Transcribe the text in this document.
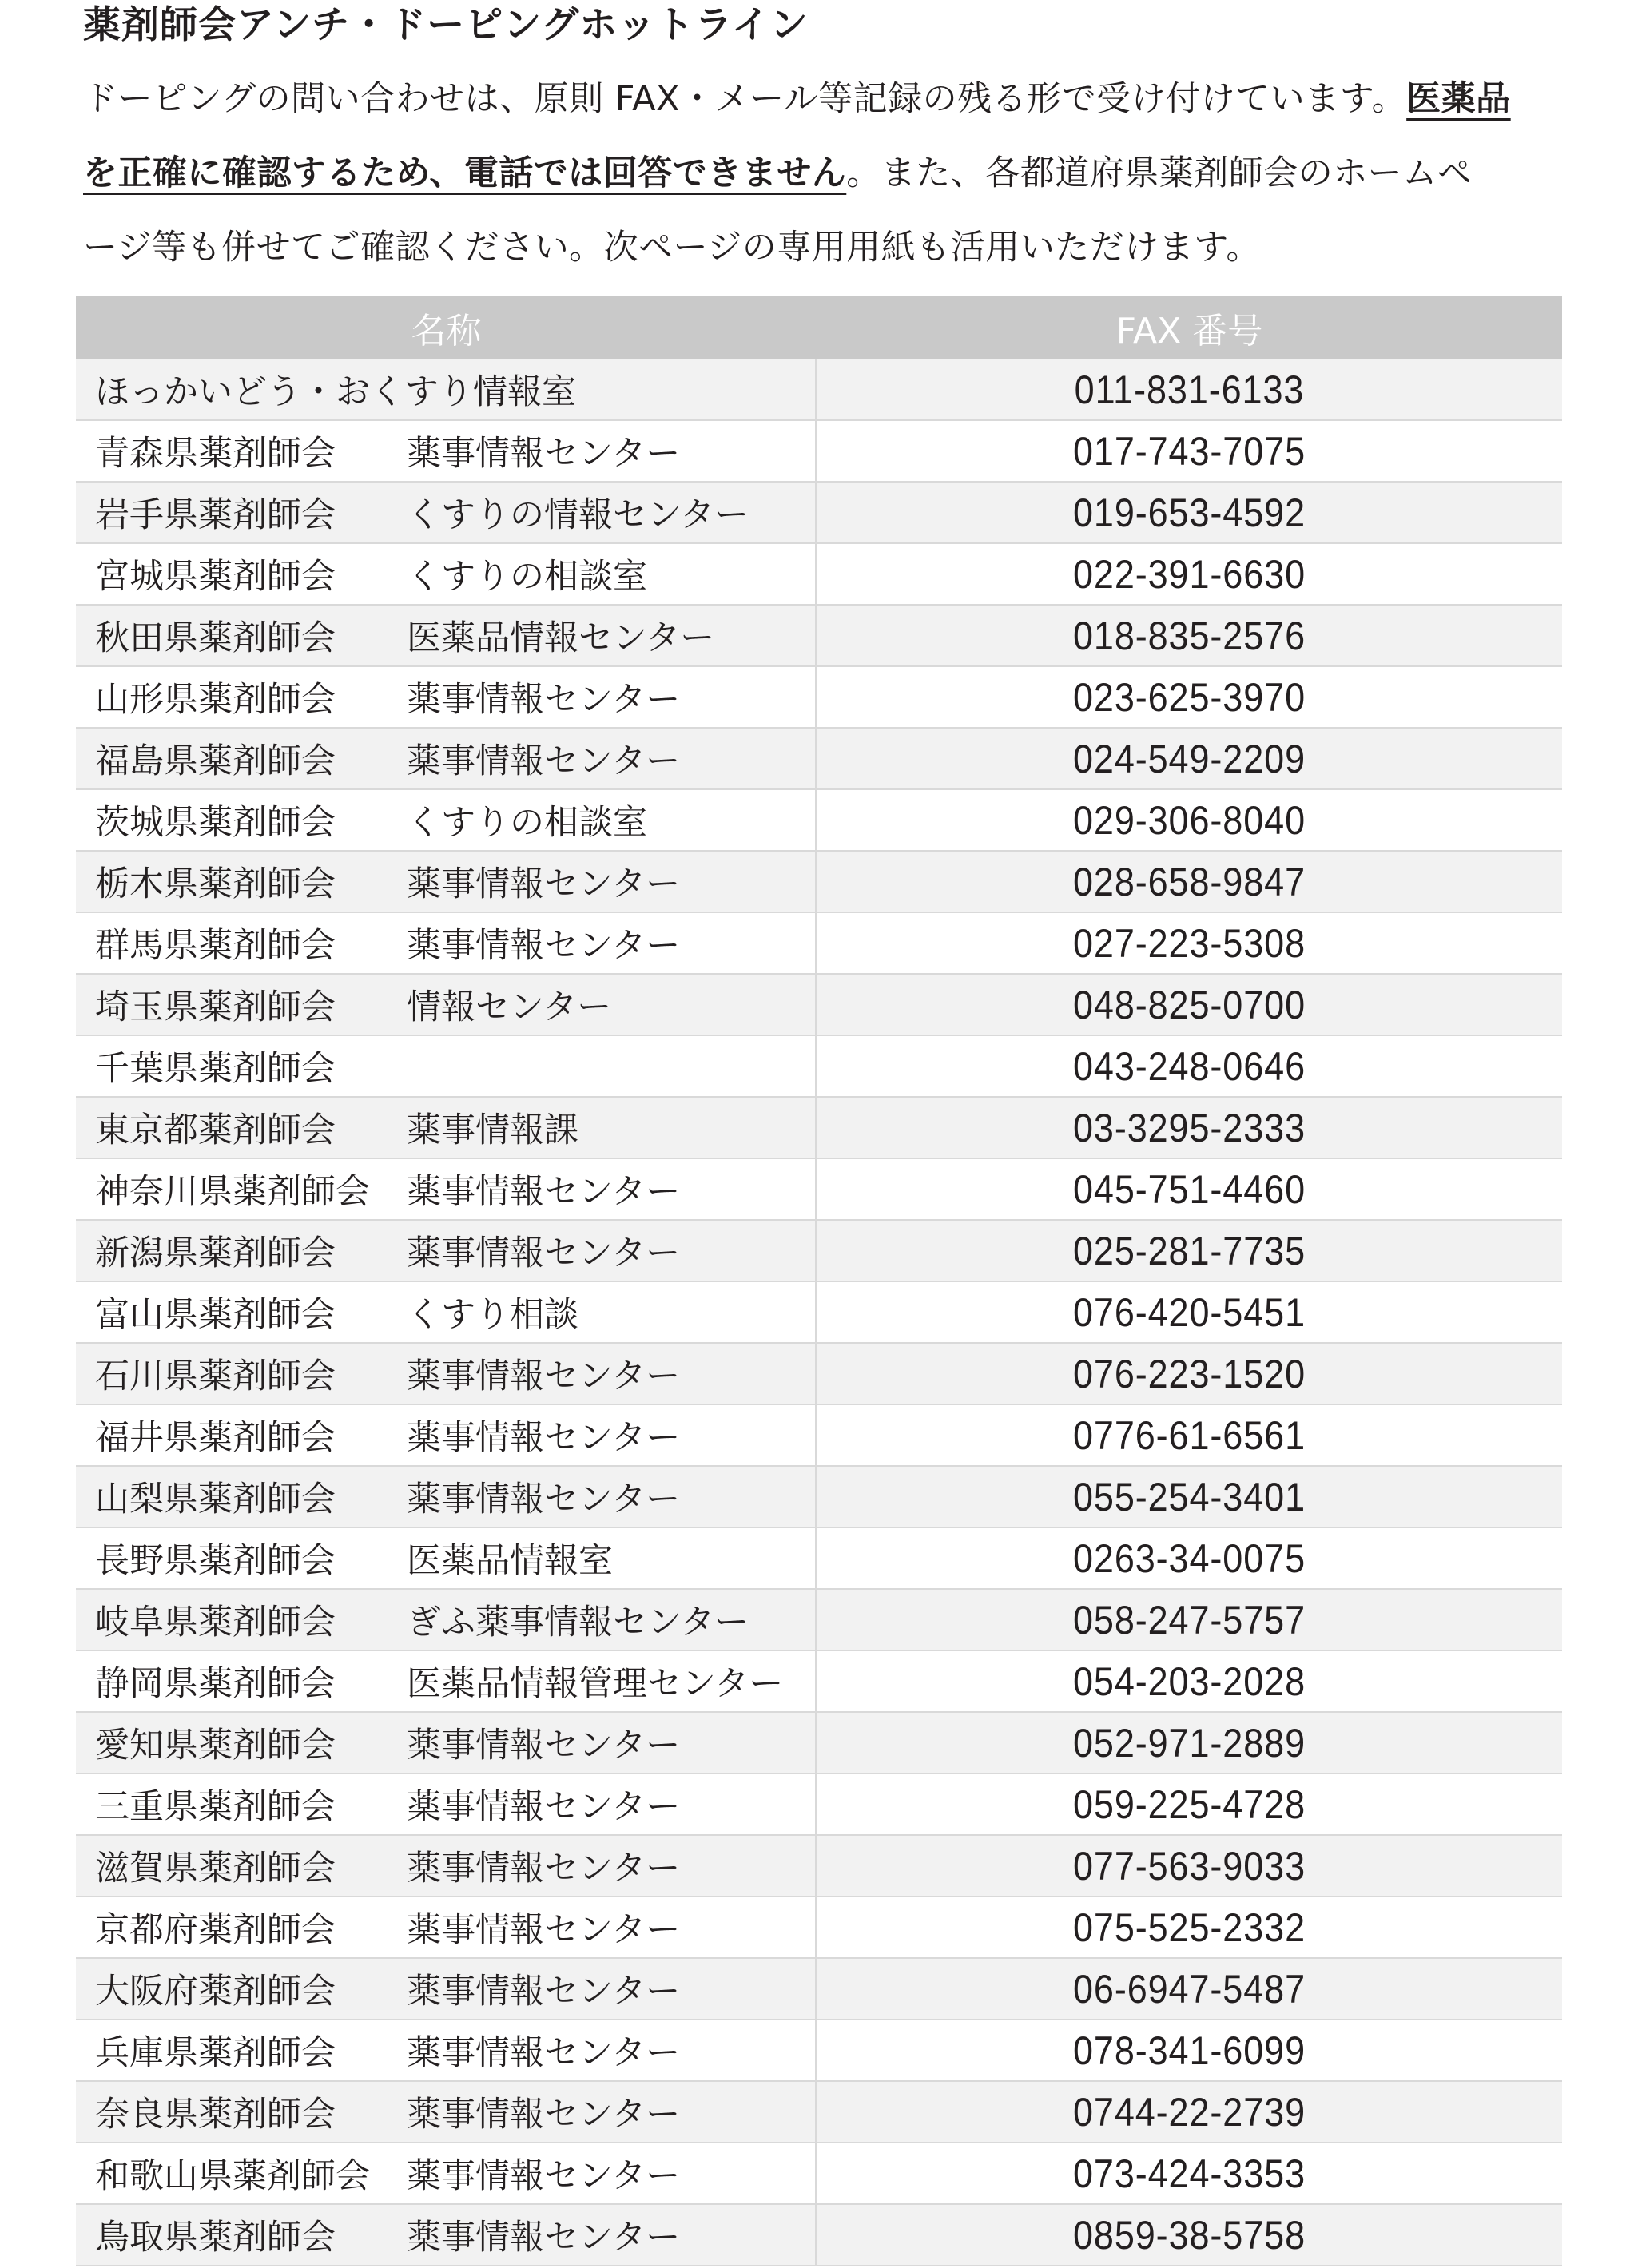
薬剤師会アンチ・ドーピングホットライン
ドーピングの問い合わせは、原則 FAX・メール等記録の残る形で受け付けています。医薬品
を正確に確認するため、電話では回答できません。また、各都道府県薬剤師会のホームペ
ージ等も併せてご確認ください。次ページの専用用紙も活用いただけます。
名称	FAX 番号
ほっかいどう・おくすり情報室	011-831-6133
青森県薬剤師会	薬事情報センター	017-743-7075
岩手県薬剤師会	くすりの情報センター	019-653-4592
宮城県薬剤師会	くすりの相談室	022-391-6630
秋田県薬剤師会	医薬品情報センター	018-835-2576
山形県薬剤師会	薬事情報センター	023-625-3970
福島県薬剤師会	薬事情報センター	024-549-2209
茨城県薬剤師会	くすりの相談室	029-306-8040
栃木県薬剤師会	薬事情報センター	028-658-9847
群馬県薬剤師会	薬事情報センター	027-223-5308
埼玉県薬剤師会	情報センター	048-825-0700
千葉県薬剤師会	043-248-0646
東京都薬剤師会	薬事情報課	03-3295-2333
神奈川県薬剤師会	薬事情報センター	045-751-4460
新潟県薬剤師会	薬事情報センター	025-281-7735
富山県薬剤師会	くすり相談	076-420-5451
石川県薬剤師会	薬事情報センター	076-223-1520
福井県薬剤師会	薬事情報センター	0776-61-6561
山梨県薬剤師会	薬事情報センター	055-254-3401
長野県薬剤師会	医薬品情報室	0263-34-0075
岐阜県薬剤師会	ぎふ薬事情報センター	058-247-5757
静岡県薬剤師会	医薬品情報管理センター	054-203-2028
愛知県薬剤師会	薬事情報センター	052-971-2889
三重県薬剤師会	薬事情報センター	059-225-4728
滋賀県薬剤師会	薬事情報センター	077-563-9033
京都府薬剤師会	薬事情報センター	075-525-2332
大阪府薬剤師会	薬事情報センター	06-6947-5487
兵庫県薬剤師会	薬事情報センター	078-341-6099
奈良県薬剤師会	薬事情報センター	0744-22-2739
和歌山県薬剤師会	薬事情報センター	073-424-3353
鳥取県薬剤師会	薬事情報センター	0859-38-5758
